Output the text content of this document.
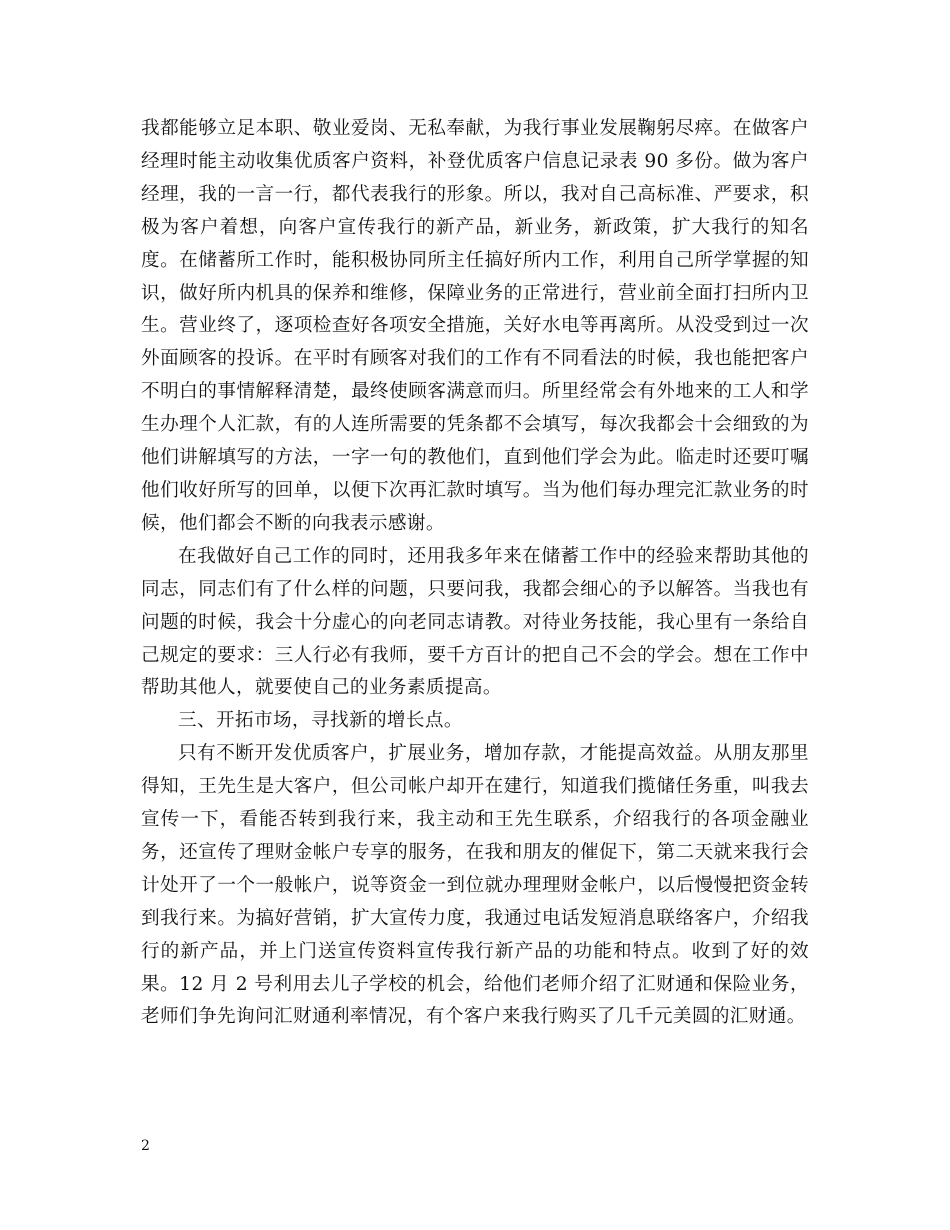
我都能够立足本职、敬业爱岗、无私奉献，为我行事业发展鞠躬尽瘁。在做客户经理时能主动收集优质客户资料，补登优质客户信息记录表 90 多份。做为客户经理，我的一言一行，都代表我行的形象。所以，我对自己高标准、严要求，积极为客户着想，向客户宣传我行的新产品，新业务，新政策，扩大我行的知名度。在储蓄所工作时，能积极协同所主任搞好所内工作，利用自己所学掌握的知识，做好所内机具的保养和维修，保障业务的正常进行，营业前全面打扫所内卫生。营业终了，逐项检查好各项安全措施，关好水电等再离所。从没受到过一次外面顾客的投诉。在平时有顾客对我们的工作有不同看法的时候，我也能把客户不明白的事情解释清楚，最终使顾客满意而归。所里经常会有外地来的工人和学生办理个人汇款，有的人连所需要的凭条都不会填写，每次我都会十会细致的为他们讲解填写的方法，一字一句的教他们，直到他们学会为此。临走时还要叮嘱他们收好所写的回单，以便下次再汇款时填写。当为他们每办理完汇款业务的时候，他们都会不断的向我表示感谢。

在我做好自己工作的同时，还用我多年来在储蓄工作中的经验来帮助其他的同志，同志们有了什么样的问题，只要问我，我都会细心的予以解答。当我也有问题的时候，我会十分虚心的向老同志请教。对待业务技能，我心里有一条给自己规定的要求：三人行必有我师，要千方百计的把自己不会的学会。想在工作中帮助其他人，就要使自己的业务素质提高。

三、开拓市场，寻找新的增长点。

只有不断开发优质客户，扩展业务，增加存款，才能提高效益。从朋友那里得知，王先生是大客户，但公司帐户却开在建行，知道我们揽储任务重，叫我去宣传一下，看能否转到我行来，我主动和王先生联系，介绍我行的各项金融业务，还宣传了理财金帐户专享的服务，在我和朋友的催促下，第二天就来我行会计处开了一个一般帐户，说等资金一到位就办理理财金帐户，以后慢慢把资金转到我行来。为搞好营销，扩大宣传力度，我通过电话发短消息联络客户，介绍我行的新产品，并上门送宣传资料宣传我行新产品的功能和特点。收到了好的效果。12 月 2 号利用去儿子学校的机会，给他们老师介绍了汇财通和保险业务，老师们争先询问汇财通利率情况，有个客户来我行购买了几千元美圆的汇财通。

2
